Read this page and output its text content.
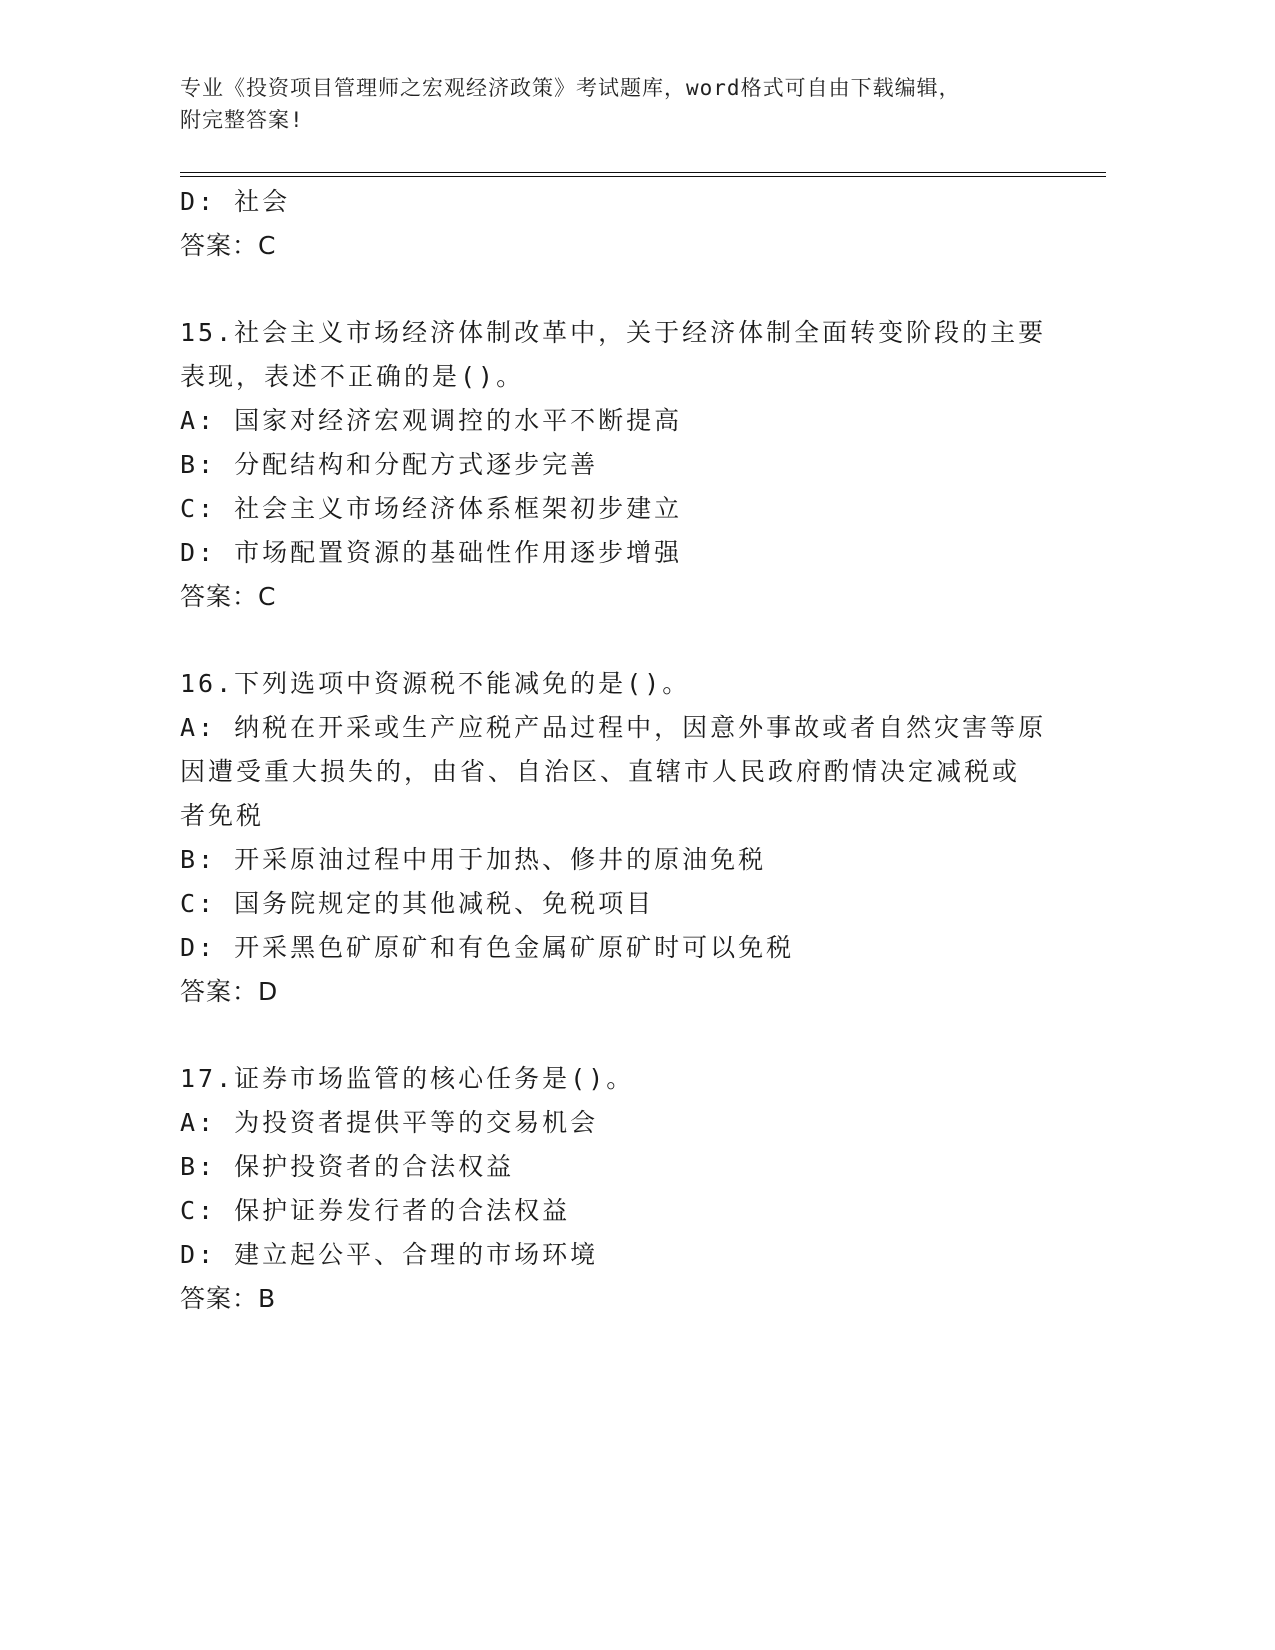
专业《投资项目管理师之宏观经济政策》考试题库，word格式可自由下载编辑，
附完整答案!
D: 社会
答案：C
15.社会主义市场经济体制改革中，关于经济体制全面转变阶段的主要
表现，表述不正确的是()。
A: 国家对经济宏观调控的水平不断提高
B: 分配结构和分配方式逐步完善
C: 社会主义市场经济体系框架初步建立
D: 市场配置资源的基础性作用逐步增强
答案：C
16.下列选项中资源税不能减免的是()。
A: 纳税在开采或生产应税产品过程中，因意外事故或者自然灾害等原
因遭受重大损失的，由省、自治区、直辖市人民政府酌情决定减税或
者免税
B: 开采原油过程中用于加热、修井的原油免税
C: 国务院规定的其他减税、免税项目
D: 开采黑色矿原矿和有色金属矿原矿时可以免税
答案：D
17.证券市场监管的核心任务是()。
A: 为投资者提供平等的交易机会
B: 保护投资者的合法权益
C: 保护证券发行者的合法权益
D: 建立起公平、合理的市场环境
答案：B
